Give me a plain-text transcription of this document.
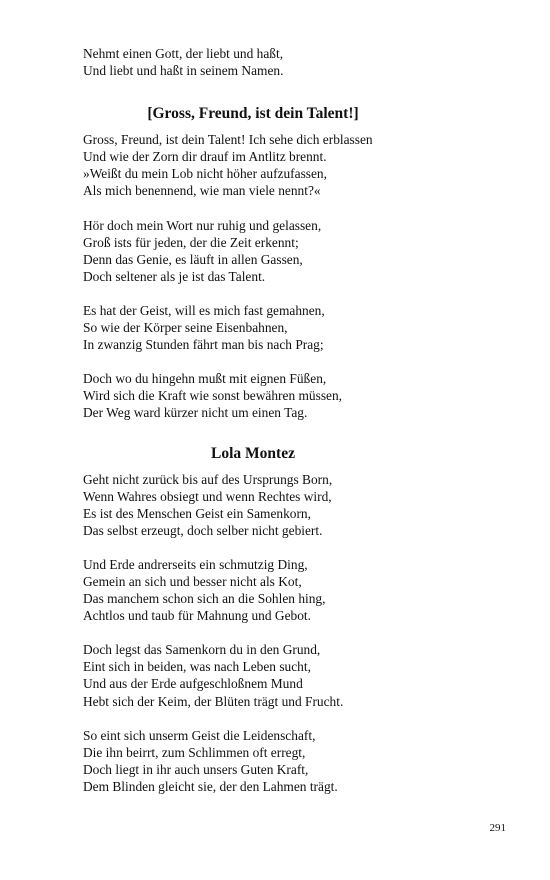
Nehmt einen Gott, der liebt und haßt,
Und liebt und haßt in seinem Namen.
[Gross, Freund, ist dein Talent!]
Gross, Freund, ist dein Talent! Ich sehe dich erblassen
Und wie der Zorn dir drauf im Antlitz brennt.
»Weißt du mein Lob nicht höher aufzufassen,
Als mich benennend, wie man viele nennt?«
Hör doch mein Wort nur ruhig und gelassen,
Groß ists für jeden, der die Zeit erkennt;
Denn das Genie, es läuft in allen Gassen,
Doch seltener als je ist das Talent.
Es hat der Geist, will es mich fast gemahnen,
So wie der Körper seine Eisenbahnen,
In zwanzig Stunden fährt man bis nach Prag;
Doch wo du hingehn mußt mit eignen Füßen,
Wird sich die Kraft wie sonst bewähren müssen,
Der Weg ward kürzer nicht um einen Tag.
Lola Montez
Geht nicht zurück bis auf des Ursprungs Born,
Wenn Wahres obsiegt und wenn Rechtes wird,
Es ist des Menschen Geist ein Samenkorn,
Das selbst erzeugt, doch selber nicht gebiert.
Und Erde andrerseits ein schmutzig Ding,
Gemein an sich und besser nicht als Kot,
Das manchem schon sich an die Sohlen hing,
Achtlos und taub für Mahnung und Gebot.
Doch legst das Samenkorn du in den Grund,
Eint sich in beiden, was nach Leben sucht,
Und aus der Erde aufgeschloßnem Mund
Hebt sich der Keim, der Blüten trägt und Frucht.
So eint sich unserm Geist die Leidenschaft,
Die ihn beirrt, zum Schlimmen oft erregt,
Doch liegt in ihr auch unsers Guten Kraft,
Dem Blinden gleicht sie, der den Lahmen trägt.
291
